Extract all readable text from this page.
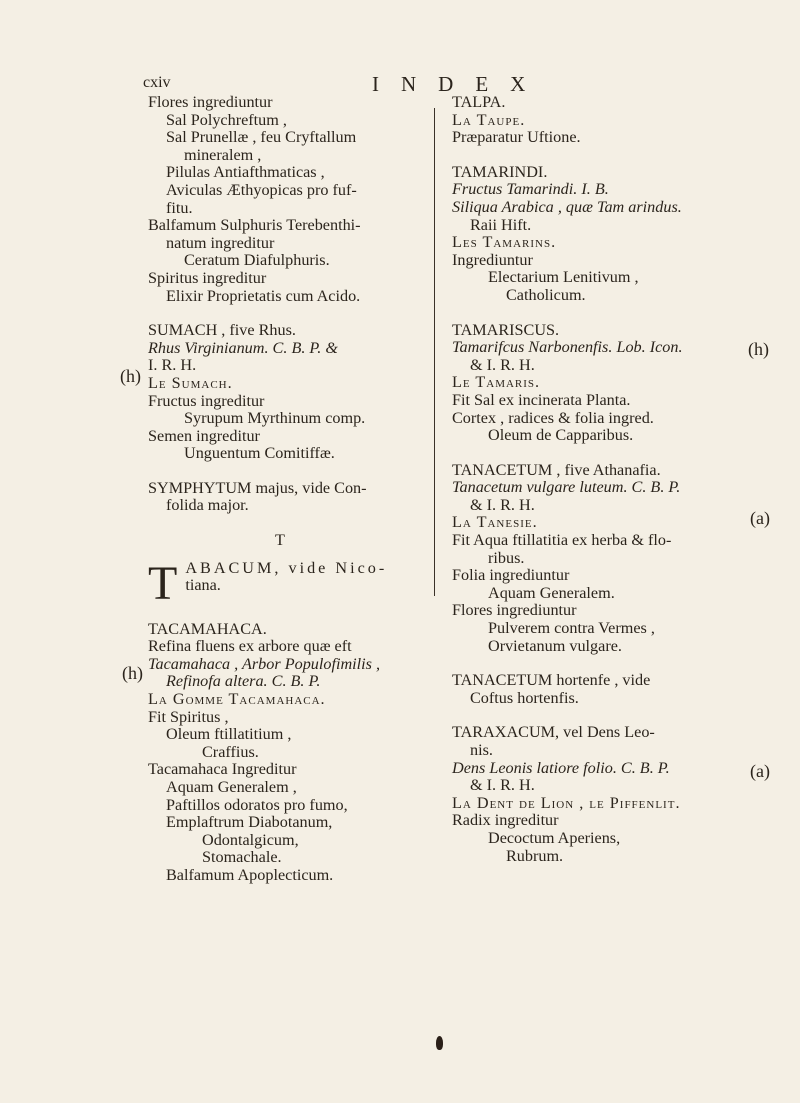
cxiv	INDEX
Flores ingrediuntur
Sal Polychreftum ,
Sal Prunellæ , feu Cryftallum
mineralem ,
Pilulas Antiafthmaticas ,
Aviculas Æthyopicas pro fuf-
fitu.
Balfamum Sulphuris Terebenthi-
natum ingreditur
Ceratum Diafulphuris.
Spiritus ingreditur
Elixir Proprietatis cum Acido.
SUMACH , five Rhus.
Rhus Virginianum. C. B. P. &
I. R. H.
Le Sumach.
Fructus ingreditur
Syrupum Myrthinum comp.
Semen ingreditur
Unguentum Comitiffæ.
SYMPHYTUM majus, vide Con-
folida major.
T
T ABACUM, vide Nico-
tiana.
TACAMAHACA.
Refina fluens ex arbore quæ eft
Tacamahaca , Arbor Populofimilis ,
Refinofa altera. C. B. P.
La Gomme Tacamahaca.
Fit Spiritus ,
Oleum ftillatitium ,
Craffius.
Tacamahaca Ingreditur
Aquam Generalem ,
Paftillos odoratos pro fumo,
Emplaftrum Diabotanum,
Odontalgicum,
Stomachale.
Balfamum Apoplecticum.
TALPA.
La Taupe.
Præparatur Uftione.
TAMARINDI.
Fructus Tamarindi. I. B.
Siliqua Arabica , quæ Tam arindus.
Raii Hift.
Les Tamarins.
Ingrediuntur
Electarium Lenitivum ,
Catholicum.
TAMARISCUS.
Tamarifcus Narbonenfis. Lob. Icon.
& I. R. H.
Le Tamaris.
Fit Sal ex incinerata Planta.
Cortex , radices & folia ingred.
Oleum de Capparibus.
TANACETUM , five Athanafia.
Tanacetum vulgare luteum. C. B. P.
& I. R. H.
La Tanesie.
Fit Aqua ftillatitia ex herba & flo-
ribus.
Folia ingrediuntur
Aquam Generalem.
Flores ingrediuntur
Pulverem contra Vermes ,
Orvietanum vulgare.
TANACETUM hortenfe , vide
Coftus hortenfis.
TARAXACUM, vel Dens Leo-
nis.
Dens Leonis latiore folio. C. B. P.
& I. R. H.
La Dent de Lion , le Piffenlit.
Radix ingreditur
Decoctum Aperiens,
Rubrum.
(h)
(h)
(h)
(a)
(a)
